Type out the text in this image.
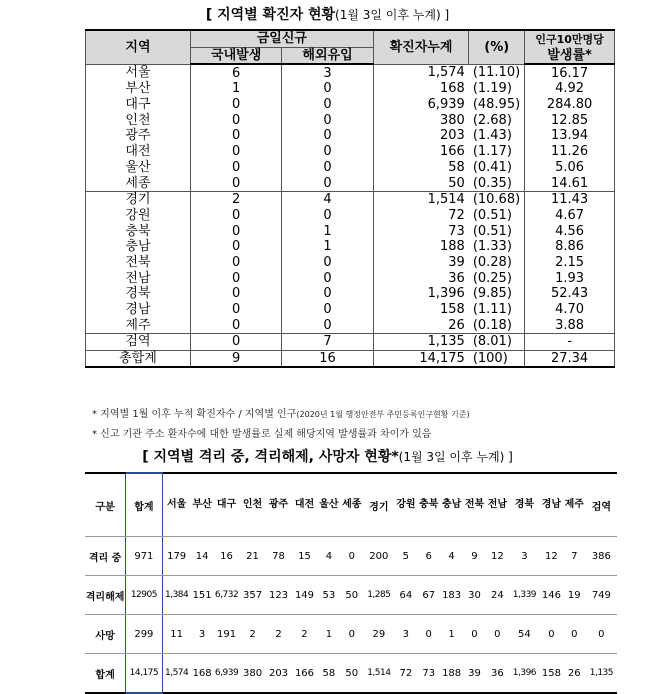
[ 지역별 확진자 현황(1월 3일 이후 누계) ]
지역	금일신규		확진자누계	(%)	인구10만명당
	국내발생	해외유입			발생률*
서울	6	3	1,574	(11.10)	16.17
부산	1	0	168	(1.19)	4.92
대구	0	0	6,939	(48.95)	284.80
인천	0	0	380	(2.68)	12.85
광주	0	0	203	(1.43)	13.94
대전	0	0	166	(1.17)	11.26
울산	0	0	58	(0.41)	5.06
세종	0	0	50	(0.35)	14.61
경기	2	4	1,514	(10.68)	11.43
강원	0	0	72	(0.51)	4.67
충북	0	1	73	(0.51)	4.56
충남	0	1	188	(1.33)	8.86
전북	0	0	39	(0.28)	2.15
전남	0	0	36	(0.25)	1.93
경북	0	0	1,396	(9.85)	52.43
경남	0	0	158	(1.11)	4.70
제주	0	0	26	(0.18)	3.88
검역	0	7	1,135	(8.01)	-
총합계	9	16	14,175	(100)	27.34
* 지역별 1월 이후 누적 확진자수 / 지역별 인구(2020년 1월 행정안전부 주민등록인구현황 기준)
* 신고 기관 주소 환자수에 대한 발생률로 실제 해당지역 발생률과 차이가 있음
[ 지역별 격리 중, 격리해제, 사망자 현황*(1월 3일 이후 누계) ]
구분	합계	서울	부산	대구	인천	광주	대전	울산	세종	경기	강원	충북	충남	전북	전남	경북	경남	제주	검역
격리 중	971	179	14	16	21	78	15	4	0	200	5	6	4	9	12	3	12	7	386
격리해제	12905	1,384	151	6,732	357	123	149	53	50	1,285	64	67	183	30	24	1,339	146	19	749
사망	299	11	3	191	2	2	2	1	0	29	3	0	1	0	0	54	0	0	0
합계	14,175	1,574	168	6,939	380	203	166	58	50	1,514	72	73	188	39	36	1,396	158	26	1,135
